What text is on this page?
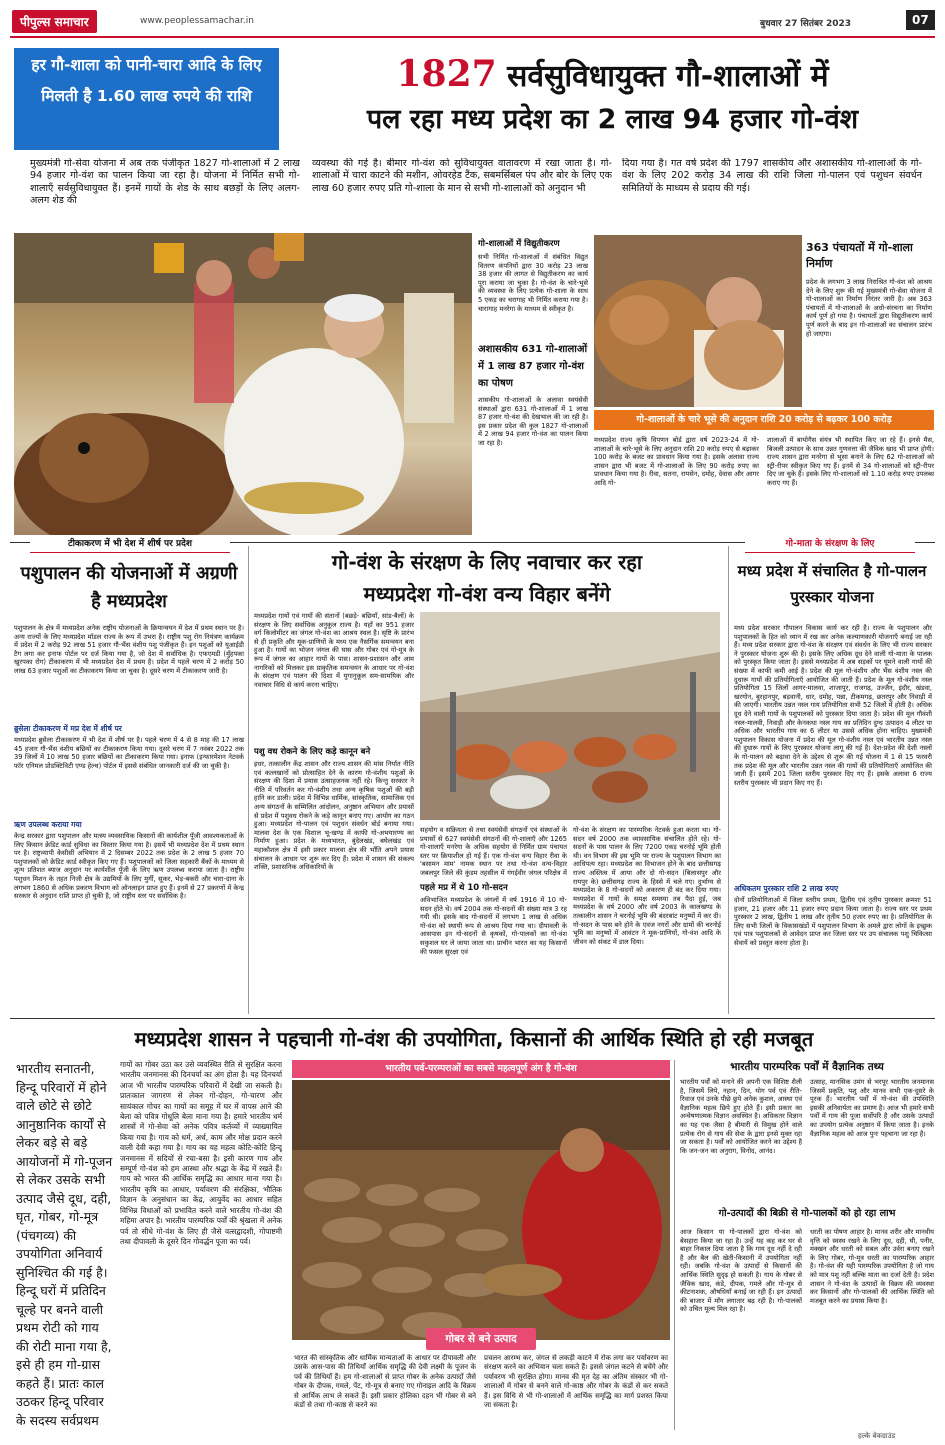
पीपुल्स समाचार	www.peoplessamachar.in	बुधवार 27 सितंबर 2023	07
हर गौ-शाला को पानी-चारा आदि के लिए मिलती है 1.60 लाख रुपये की राशि
1827 सर्वसुविधायुक्त गौ-शालाओं में
पल रहा मध्य प्रदेश का 2 लाख 94 हजार गो-वंश
मुख्यमंत्री गो-सेवा योजना में अब तक पंजीकृत 1827 गो-शालाओं में 2 लाख 94 हजार गो-वंश का पालन किया जा रहा है। योजना में निर्मित सभी गो-शालाएँ सर्वसुविधायुक्त हैं। इनमें गायों के शेड के साथ बछड़ों के लिए अलग-अलग शेड की
व्यवस्था की गई है। बीमार गो-वंश को सुविधायुक्त वातावरण में रखा जाता है। गो-शालाओं में चारा काटने की मशीन, ओवरहेड टैंक, सबमर्सिबल पंप और बोर के लिए एक लाख 60 हजार रुपए प्रति गो-शाला के मान से सभी गो-शालाओं को अनुदान भी
दिया गया है। गत वर्ष प्रदेश की 1797 शासकीय और अशासकीय गो-शालाओं के गो-वंश के लिए 202 करोड़ 34 लाख की राशि जिला गो-पालन एवं पशुधन संवर्धन समितियों के माध्यम से प्रदाय की गई।
गो-शालाओं में विद्युतीकरण
सभी निर्मित गो-शालाओं में संबंधित विद्युत वितरण कंपनियों द्वारा 30 करोड़ 23 लाख 38 हजार की लागत से विद्युतीकरण का कार्य पूरा कराया जा चुका है। गो-वंश के चारे-भूसे की व्यवस्था के लिए प्रत्येक गो-शाला के साथ 5 एकड़ का चरागाह भी निर्मित कराया गया है। चारागाह मनरेगा के माध्यम से स्वीकृत है।
अशासकीय 631 गो-शालाओं में 1 लाख 87 हजार गो-वंश का पोषण
शासकीय गो-शालाओं के अलावा स्वयंसेवी संस्थाओं द्वारा 631 गो-शालाओं में 1 लाख 87 हजार गो-वंश की देखभाल की जा रही है। इस प्रकार प्रदेश की कुल 1827 गो-शालाओं में 2 लाख 94 हजार गो-वंश का पालन किया जा रहा है।
363 पंचायतों में गो-शाला निर्माण
प्रदेश के लगभग 3 लाख निराश्रित गो-वंश को आश्रय देने के लिए शुरू की गई मुख्यमंत्री गो-सेवा योजना में गो-शालाओं का निर्माण निरंतर जारी है। अब 363 पंचायतों में गो-शालाओं के अधो-संरचना का निर्माण कार्य पूर्ण हो गया है। पंचायतों द्वारा विद्युतीकरण कार्य पूर्ण करने के बाद इन गो-शालाओं का संचालन प्रारंभ हो जाएगा।
गो-शालाओं के चारे भूसे की अनुदान राशि 20 करोड़ से बढ़कर 100 करोड़
मध्यप्रदेश राज्य कृषि विपणन बोर्ड द्वारा वर्ष 2023-24 में गो-शालाओं के चारे-भूसे के लिए अनुदान राशि 20 करोड़ रुपए से बढ़ाकर 100 करोड़ के बजट का प्रावधान किया गया है। इसके अलावा राज्य शासन द्वारा भी बजट में गो-शालाओं के लिए 90 करोड़ रुपए का प्रावधान किया गया है। रीवा, सतना, रायसेन, दमोह, देवास और आगर आदि गो-
शालाओं में बायोगैस संयंत्र भी स्थापित किए जा रहे हैं। इनसे मैस, बिजली उत्पादन के साथ उन्नत गुणवत्ता की जैविक खाद भी प्राप्त होगी। राज्य शासन द्वारा मनरेगा से भूसा बनाने के लिए 62 गो-शालाओं को स्ट्री-रीपर स्वीकृत किए गए हैं। इनमें से 34 गो-शालाओं को स्ट्री-रीपर दिए जा चुके हैं। इसके लिए गो-शालाओं को 1.10 करोड़ रुपए उपलब्ध कराए गए हैं।
टीकाकरण में भी देश में शीर्ष पर प्रदेश
पशुपालन की योजनाओं में अग्रणी है मध्यप्रदेश
पशुपालन के क्षेत्र में मध्यप्रदेश अनेक राष्ट्रीय योजनाओं के क्रियान्वयन में देश में प्रथम स्थान पर है। अन्य राज्यों के लिए मध्यप्रदेश मॉडल राज्य के रूप में उभरा है। राष्ट्रीय पशु रोग नियंत्रण कार्यक्रम में प्रदेश में 2 करोड़ 92 लाख 51 हजार गौ-भैंस वंशीय पशु पंजीकृत हैं। इन पशुओं को यूआईडी टैग लगा कर इनाफ पोर्टल पर दर्ज किया गया है, जो देश में सर्वाधिक है। एफएमडी (मुँहपका खुरपका रोग) टीकाकरण में भी मध्यप्रदेश देश में प्रथम है। प्रदेश में पहले चरण में 2 करोड़ 50 लाख 63 हजार पशुओं का टीकाकरण किया जा चुका है। दूसरे चरण में टीकाकरण जारी है।
ब्रुसेला टीकाकरण में मप्र देश में शीर्ष पर
मध्यप्रदेश ब्रुसेला टीकाकरण में भी देश में शीर्ष पर है। पहले चरण में 4 से 8 माह की 17 लाख 45 हजार गौ-भैंस वंशीय बछियों का टीकाकरण किया गया। दूसरे चरण में 7 नवंबर 2022 तक 39 जिलों में 10 लाख 50 हजार बछियों का टीकाकरण किया गया। इनाफ (इन्फारमेशन नेटवर्क फॉर एनिमल प्रोडक्टिविटी एण्ड हेल्थ) पोर्टल में इससे संबंधित जानकारी दर्ज की जा चुकी है।
ऋण उपलब्ध कराया गया
केन्द्र सरकार द्वारा पशुपालन और मत्स्य व्यवसायिक किसानों की कार्यशील पूँजी आवश्यकताओं के लिए किसान क्रेडिट कार्ड सुविधा का विस्तार किया गया है। इसमें भी मध्यप्रदेश देश में प्रथम स्थान पर है। राष्ट्रव्यापी केसीसी अभियान में 2 दिसम्बर 2022 तक प्रदेश के 2 लाख 5 हजार 70 पशुपालकों को क्रेडिट कार्ड स्वीकृत किए गए हैं। पशुपालकों को जिला सहकारी बैंकों के माध्यम से शून्य प्रतिशत ब्याज अनुदान पर कार्यशील पूँजी के लिए ऋण उपलब्ध कराया जाता है। राष्ट्रीय पशुधन मिशन के तहत निजी क्षेत्र के उद्यमियों के लिए मुर्गी, सूकर, भेड़-बकरी और चारा-दाना के लगभग 1860 से अधिक प्रकरण विभाग को ऑनलाइन प्राप्त हुए हैं। इनमें से 27 प्रकरणों में केन्द्र सरकार से अनुदान राशि प्राप्त हो चुकी है, जो राष्ट्रीय स्तर पर सर्वाधिक है।
गो-वंश के संरक्षण के लिए नवाचार कर रहा
मध्यप्रदेश गो-वंश वन्य विहार बनेंगे
मध्यप्रदेश गायों एवं गायों की संतानों (बछड़े- बछियाँ, सांड-बैलों) के संरक्षण के लिए सर्वाधिक अनुकूल राज्य है। यहाँ का 951 हजार वर्ग किलोमीटर का जंगल गो-वंश का आश्रय स्थल है। सृष्टि के प्रारंभ से ही प्रकृति और मूक-प्राणियों के मध्य एक नैसर्गिक समन्वयन बना हुआ है। गायों का भोजन जंगल की घास और गोबर एवं गो-मूत्र के रूप में जंगल का आहार गायों के पास। शासन-प्रशासन और आम नागरिकों को मिलकर इस प्राकृतिक समन्वयन के आधार पर गो-वंश के संरक्षण एवं पालन की दिशा में युगानुकूल सम-सामयिक और नवाचार विधि से कार्य करना चाहिए।
पशु वध रोकने के लिए कड़े कानून बने
इधर, तत्कालीन केंद्र शासन और राज्य शासन की मांस निर्यात नीति एवं कत्लखानों को प्रोत्साहित देने के कारण गो-वंशीय पशुओं के संरक्षण की दिशा में प्रयास उत्साहजनक नहीं रहे। किन्तु सरकार ने नीति में परिवर्तन कर गो-वंशीय तथा अन्य कृषिक पशुओं की बड़ी हानि कर डाली। प्रदेश में विभिन्न धार्मिक, सांस्कृतिक, सामाजिक एवं अन्य संगठनों के सम्मिलित आंदोलन, अनुष्ठान अभियान और प्रयासों से प्रदेश में पशुवध रोकने के कड़े कानून बनाए गए। आयोग का गठन हुआ। मध्यप्रदेश गो-पालन एवं पशुधन संवर्धन बोर्ड बनाया गया। मालवा देश के एक विशाल भू-खण्ड में काफी गो-अभयारण्य का निर्माण हुआ। प्रदेश के मध्यभारत, बुंदेलखंड, बघेलखंड एवं महाकौशल क्षेत्र में इसी प्रकार मालवा क्षेत्र की भाँति अपने प्रयास संचालन के आधार पर शुरू कर दिए हैं। प्रदेश में शासन की संकल्प शक्ति, प्रशासनिक अधिकारियों के
सहयोग व सक्रियता से तथा स्वयंसेवी संगठनों एवं संस्थाओं के प्रयासों से 627 स्वयंसेवी संगठनों की गो-शालाएँ और 1265 गो-शालाएँ मनरेगा के अधिक सहयोग से निर्मित ग्राम पंचायत स्तर पर क्रियाशील हो गई हैं। एक गो-वंश वन्य विहार रीवा के 'बसामन माम' नामक स्थान पर तथा गो-वंश वन्य-विहार जबलपुर जिले की कुंडम तहसील में गंगईवीर जंगल परिक्षेत्र में
पहले मप्र में थे 10 गो-सदन
अविभाजित मध्यप्रदेश के जंगलों में वर्ष 1916 में 10 गो-सदन होते थे। वर्ष 2004 तक गो-सदनों की संख्या मात्र 3 रह गयी थी। इसके बाद गो-सदनों में लगभग 1 लाख से अधिक गो-वंश को स्थायी रूप से आश्रय दिया गया था। दीपावली के आसपास इन गो-सदनों से कृषकों, गो-पालकों का गो-वंश सकुशल घर ले जाया जाता था। प्राचीन भारत का यह किसानों की फसल सुरक्षा एवं
गो-वंश के संरक्षण का पारम्परिक नेटवर्क हुआ करता था। गो-सदन वर्ष 2000 तक व्यावसायिक संचालित होते रहे। गो-सदनों के पास पालन के लिए 7200 एकड़ चरनोई भूमि होती थी। वन विभाग की इस भूमि पर राज्य के पशुपालन विभाग का आधिपत्य रहा। मध्यप्रदेश का विभाजन होने के बाद छत्तीसगढ़ राज्य अस्तित्व में आया और दो गो-सदन (बिलासपुर और रायपुर के) छत्तीसगढ़ राज्य के हिस्से में चले गए। दुर्भाग्य से मध्यप्रदेश के 8 गो-सदनों को अकारण ही बंद कर दिया गया। मध्यप्रदेश में गायों के समक्ष समस्या तब पैदा हुई, जब मध्यप्रदेश के वर्ष 2000 और वर्ष 2003 के कालखण्ड के तत्कालीन शासन ने चरनोई भूमि की बंदरबांट मनुष्यों में कर दी। गो-सदन के पास बने होने के एवज नगरों और ग्रामों की चरनोई भूमि का मनुष्यों में आवंटन ने मूक-प्राणियों, गो-वंश आदि के जीवन को संकट में डाल दिया।
गो-माता के संरक्षण के लिए
मध्य प्रदेश में संचालित है गो-पालन पुरस्कार योजना
मध्य प्रदेश सरकार गौपालन विकास कार्य कर रही है। राज्य के पशुपालन और पशुपालकों के हित को ध्यान में रख कर अनेक कल्याणकारी योजनाएँ बनाई जा रही हैं। मध्य प्रदेश सरकार द्वारा गो-वंश के संरक्षण एवं संवर्धन के लिए भी राज्य सरकार ने पुरस्कार योजना शुरू की है। इसके लिए अधिक दूध देने वाली गो-माता के पालक को पुरस्कृत किया जाता है। इससे मध्यप्रदेश में अब सड़कों पर घूमने वाली गायों की संख्या में काफी कमी आई है। प्रदेश की मूल गो-वंशीय और भैंस वंशीय नस्ल की दुधारू गायों की प्रतियोगिताएँ आयोजित की जाती हैं। प्रदेश के मूल गो-वंशीय नस्ल प्रतियोगिता 15 जिलों आगर-मालवा, शाजापुर, राजगढ़, उज्जैन, इंदौर, खंडवा, खरगोन, बुरहानपुर, बड़वानी, धार, दमोह, पन्ना, टीकमगढ़, छतरपुर और निवाड़ी में की जाएगी। भारतीय उन्नत नस्ल गाय प्रतियोगिता सभी 52 जिलों में होती है। अधिक दूध देने वाली गायों के पशुपालकों को पुरस्कार दिया जाता है। प्रदेश की मूल गौवंशी नस्ल-मालवी, निवाड़ी और केनकथा नस्ल गाय का प्रतिदिन दुग्ध उत्पादन 4 लीटर या अधिक और भारतीय गाय का 6 लीटर या उससे अधिक होना चाहिए। मुख्यमंत्री पशुपालन विकास योजना में प्रदेश की मूल गो-वंशीय नस्ल एवं भारतीय उन्नत नस्ल की दुधारू गायों के लिए पुरस्कार योजना लागू की गई है। देश-प्रदेश की देशी नस्लों के गो-पालन को बढ़ावा देने के उद्देश्य से शुरू की गई योजना में 1 से 15 फरवरी तक प्रदेश की मूल और भारतीय उन्नत नस्ल की गायों की प्रतियोगिताएँ आयोजित की जाती हैं। इसमें 201 जिला स्तरीय पुरस्कार दिए गए हैं। इसके अलावा 6 राज्य स्तरीय पुरस्कार भी प्रदान किए गए हैं।
अधिकतम पुरस्कार राशि 2 लाख रुपए
दोनों प्रतियोगिताओं में जिला स्तरीय प्रथम, द्वितीय एवं तृतीय पुरस्कार क्रमशः 51 हजार, 21 हजार और 11 हजार रुपए प्रदान किया जाता है। राज्य स्तर पर प्रथम पुरस्कार 2 लाख, द्वितीय 1 लाख और तृतीय 50 हजार रुपए का है। प्रतियोगिता के लिए सभी जिलों के विकासखंडों में पशुपालन विभाग के अमले द्वारा लोगों के इच्छुक एवं पात्र पशुपालकों से आवेदन प्राप्त कर जिला स्तर पर उप संचालक पशु चिकित्सा सेवायें को प्रस्तुत करना होता है।
मध्यप्रदेश शासन ने पहचानी गो-वंश की उपयोगिता, किसानों की आर्थिक स्थिति हो रही मजबूत
भारतीय सनातनी, हिन्दू परिवारों में होने वाले छोटे से छोटे आनुष्ठानिक कार्यों से लेकर बड़े से बड़े आयोजनों में गो-पूजन से लेकर उसके सभी उत्पाद जैसे दूध, दही, घृत, गोबर, गो-मूत्र (पंचगव्य) की उपयोगिता अनिवार्य सुनिश्चित की गई है। हिन्दू घरों में प्रतिदिन चूल्हे पर बनने वाली प्रथम रोटी को गाय की रोटी माना गया है, इसे ही हम गो-ग्रास कहते हैं। प्रातः काल उठकर हिन्दू परिवार के सदस्य सर्वप्रथम
गायों का गोबर उठा कर उसे व्यवस्थित रीति से सुरक्षित करना भारतीय जनमानस की दिनचर्या का अंग होता है। यह दिनचर्या आज भी भारतीय पारम्परिक परिवारों में देखी जा सकती है। प्रातःकाल जागरण से लेकर गो-दोहन, गो-चारण और सायंकाल गोचर का गायों का समूह में घर में वापस आने की बेला को पवित्र गोधूलि बेला माना गया है। हमारे भारतीय धर्म शास्त्रों में गो-सेवा को अनेक पवित्र कर्तव्यों में व्याख्यायित किया गया है। गाय को धर्म, अर्थ, काम और मोक्ष प्रदान करने वाली देवी कहा गया है। गाय का यह महत्व कोटि-कोटि हिन्दू जनमानस में सदियों से रचा-बसा है। इसी कारण गाय और सम्पूर्ण गो-वंश को हम आस्था और श्रद्धा के केंद्र में रखते हैं। गाय को भारत की आर्थिक समृद्धि का आधार माना गया है। भारतीय कृषि का आधार, पर्यावरण की संरक्षिका, भौतिक विज्ञान के अनुसंधान का केंद्र, आयुर्वेद का आधार सहित विभिन्न विधाओं को प्रभावित करने वाले भारतीय गो-वंश की महिमा अपार है। भारतीय पारम्परिक पर्वों की श्रृंखला में अनेक पर्व तो सीधे गो-वंश के लिए ही जैसे वत्सद्वादशी, गोपाष्टमी तथा दीपावली के दूसरे दिन गोवर्द्धन पूजा का पर्व।
भारतीय पर्व-परम्पराओं का सबसे महत्वपूर्ण अंग है गो-वंश
गोबर से बने उत्पाद
भारत की सांस्कृतिक और धार्मिक मान्यताओं के आधार पर दीपावली और उसके आस-पास की तिथियाँ आर्थिक समृद्धि की देवी लक्ष्मी के पूजन के पर्व की तिथियाँ हैं। हम गो-शालाओं से प्राप्त गोबर के अनेक उत्पादों जैसे गोबर के दीपक, गमले, पेंट, गो-मूत्र से बनाए गए गोनाइल आदि के विक्रय से आर्थिक लाभ ले सकते हैं। इसी प्रकार होलिका दहन भी गोबर से बने कंडों से तथा गो-काष्ठ से करने का
प्रचलन आरम्भ कर, जंगल से लकड़ी काटने में रोक लगा कर पर्यावरण का संरक्षण करने का अभियान चला सकते हैं। इससे जंगल कटने से बचेंगे और पर्यावरण भी सुरक्षित होगा। मानव की मृत देह का अंतिम संस्कार भी गो-शालाओं में गोबर से बनने वाले गो-काष्ठ और गोबर के कंडों से कर सकते हैं। इस विधि से भी गो-शालाओं में आर्थिक समृद्धि का मार्ग प्रशस्त किया जा सकता है।
भारतीय पारम्परिक पर्वों में वैज्ञानिक तथ्य
भारतीय पर्वों को मनाने की अपनी एक विशिष्ट शैली है, जिसमें लिपे, नहान, दिन, योग पर्व एवं रीति-रिवाज एवं उनके पीछे छुपे अनेक कुशल, आस्था एवं वैज्ञानिक महत्व छिपे हुए होते हैं। इसी प्रकार का अन्वेषणात्मक विज्ञान अवस्थित है। अधिकतर विज्ञान का यह एक जैसा है बीमारी से विमुख होने वाले प्रत्येक रोग से गाय की सेवा के द्वारा इनसे मुक्त रहा जा सकता है। पर्वों को आयोजित करने का उद्देश्य है कि जन-जन का अनुराग, विनोद, आनंद।
उत्साह, मानसिक उमंग से भरपूर भारतीय जनमानस जिसमें प्रकृति, पशु और मानव सभी एक-दूसरे के पूरक हैं। भारतीय पर्वों में गो-वंश की उपस्थिति इसकी अनिवार्यता का प्रमाण है। आज भी हमारे सभी पर्वों में गाय की पूजा सर्वोपरि है और उसके उत्पादों का उपयोग प्रत्येक अनुष्ठान में किया जाता है। इनके वैज्ञानिक महत्व को आज पुनः पहचाना जा रहा है।
गो-उत्पादों की बिक्री से गो-पालकों को हो रहा लाभ
आज किसान या गो-पालकों द्वारा गो-वंश को बेसहारा किया जा रहा है। उन्हें यह कह कर घर से बाहर निकाल दिया जाता है कि गाय दूध नहीं दे रही है और बैल की खेती-किसानी में उपयोगिता नहीं रही। जबकि गो-वंश के उत्पादों से किसानों की आर्थिक स्थिति सुदृढ़ हो सकती है। गाय के गोबर से जैविक खाद, कंडे, दीपक, गमले और गो-मूत्र से कीटनाशक, औषधियाँ बनाई जा रही हैं। इन उत्पादों की बाजार में माँग लगातार बढ़ रही है। गो-पालकों को उचित मूल्य मिल रहा है।
धरती का पोषण आहार है। मानव शरीर और मानवीय वृत्ति को स्वस्थ रखने के लिए दूध, दही, घी, पनीर, मक्खन और धरती को सबल और उर्वरा बनाए रखने के लिए गोबर, गो-मूत्र धरती का पारम्परिक आहार है। गो-वंश की यही पारम्परिक उपयोगिता है जो गाय को मात्र पशु नहीं बल्कि माता का दर्जा देती है। प्रदेश शासन ने गो-वंश के उत्पादों के विक्रय की व्यवस्था कर किसानों और गो-पालकों की आर्थिक स्थिति को मजबूत करने का प्रयास किया है।
हल्के बेकग्राउंड
